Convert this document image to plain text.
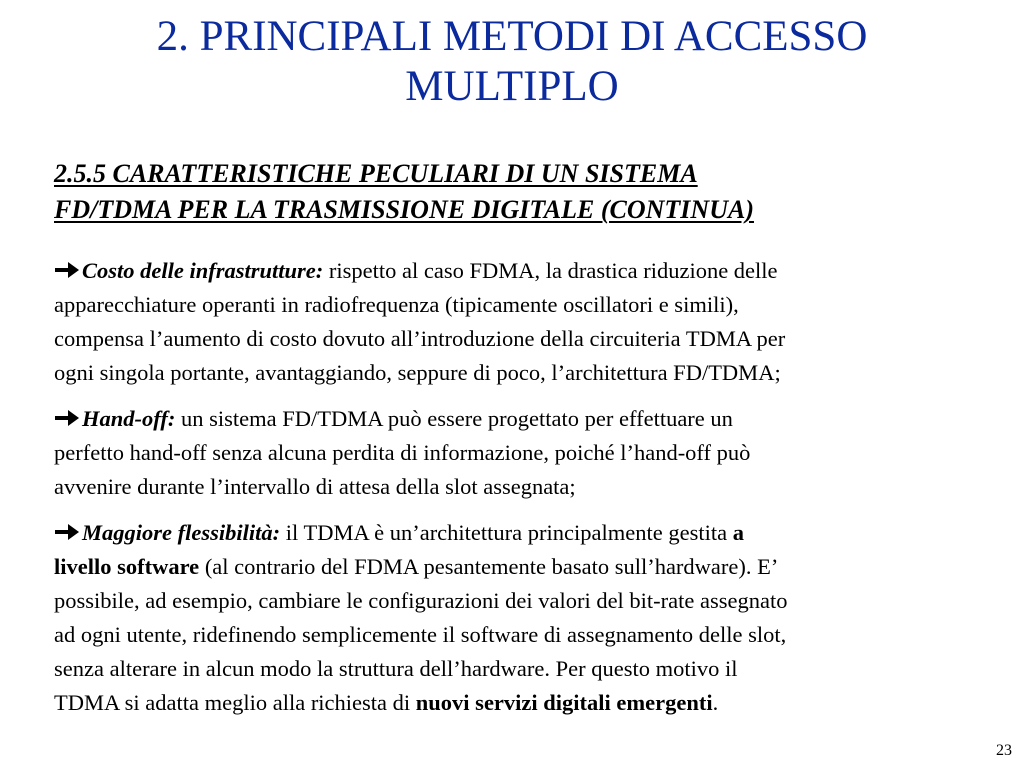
2. PRINCIPALI METODI DI ACCESSO
MULTIPLO
2.5.5 CARATTERISTICHE PECULIARI DI UN SISTEMA
FD/TDMA PER LA TRASMISSIONE DIGITALE (CONTINUA)

Costo delle infrastrutture: rispetto al caso FDMA, la drastica riduzione delle
apparecchiature operanti in radiofrequenza (tipicamente oscillatori e simili),
compensa l’aumento di costo dovuto all’introduzione della circuiteria TDMA per
ogni singola portante, avantaggiando, seppure di poco, l’architettura FD/TDMA;

Hand-off: un sistema FD/TDMA può essere progettato per effettuare un
perfetto hand-off senza alcuna perdita di informazione, poiché l’hand-off può
avvenire durante l’intervallo di attesa della slot assegnata;

Maggiore flessibilità: il TDMA è un’architettura principalmente gestita a
livello software (al contrario del FDMA pesantemente basato sull’hardware). E’
possibile, ad esempio, cambiare le configurazioni dei valori del bit-rate assegnato
ad ogni utente, ridefinendo semplicemente il software di assegnamento delle slot,
senza alterare in alcun modo la struttura dell’hardware. Per questo motivo il
TDMA si adatta meglio alla richiesta di nuovi servizi digitali emergenti.

23
